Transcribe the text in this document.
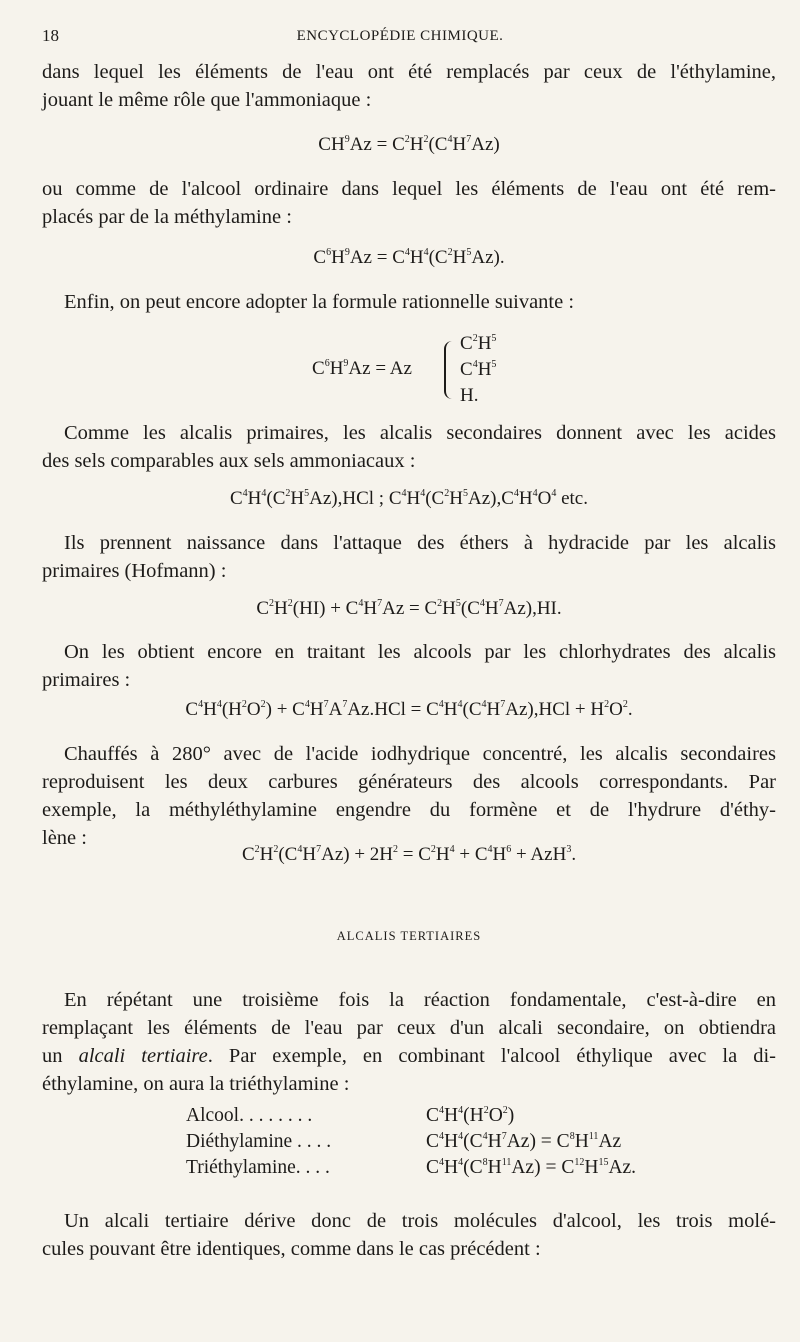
18	ENCYCLOPÉDIE CHIMIQUE.
dans lequel les éléments de l'eau ont été remplacés par ceux de l'éthylamine,
jouant le même rôle que l'ammoniaque :
$CH^9Az = C^2H^2(C^4H^7Az)$
ou comme de l'alcool ordinaire dans lequel les éléments de l'eau ont été rem-
placés par de la méthylamine :
$C^6H^9Az = C^4H^4(C^2H^5Az)$.
Enfin, on peut encore adopter la formule rationnelle suivante :
$C^6H^9Az = Az$
$C^2H^5$
$C^4H^5$
H.
Comme les alcalis primaires, les alcalis secondaires donnent avec les acides
des sels comparables aux sels ammoniacaux :
$C^4H^4(C^2H^5Az),HCl$ ; $C^4H^4(C^2H^5Az),C^4H^4O^4$ etc.
Ils prennent naissance dans l'attaque des éthers à hydracide par les alcalis
primaires (Hofmann) :
$C^2H^2(HI) + C^4H^7Az = C^2H^5(C^4H^7Az),HI$.
On les obtient encore en traitant les alcools par les chlorhydrates des alcalis
primaires :
$C^4H^4(H^2O^2) + C^4H^7A^7Az.HCl = C^4H^4(C^4H^7Az),HCl + H^2O^2$.
Chauffés à 280° avec de l'acide iodhydrique concentré, les alcalis secondaires
reproduisent les deux carbures générateurs des alcools correspondants. Par
exemple, la méthyléthylamine engendre du formène et de l'hydrure d'éthy-
lène :
$C^2H^2(C^4H^7Az) + 2H^2 = C^2H^4 + C^4H^6 + AzH^3$.
ALCALIS TERTIAIRES
En répétant une troisième fois la réaction fondamentale, c'est-à-dire en
remplaçant les éléments de l'eau par ceux d'un alcali secondaire, on obtiendra
un alcali tertiaire. Par exemple, en combinant l'alcool éthylique avec la di-
éthylamine, on aura la triéthylamine :
Alcool. . . . . . . .	$C^4H^4(H^2O^2)$
Diéthylamine . . . .	$C^4H^4(C^4H^7Az) = C^8H^{11}Az$
Triéthylamine. . . .	$C^4H^4(C^8H^{11}Az) = C^{12}H^{15}Az$.
Un alcali tertiaire dérive donc de trois molécules d'alcool, les trois molé-
cules pouvant être identiques, comme dans le cas précédent :
